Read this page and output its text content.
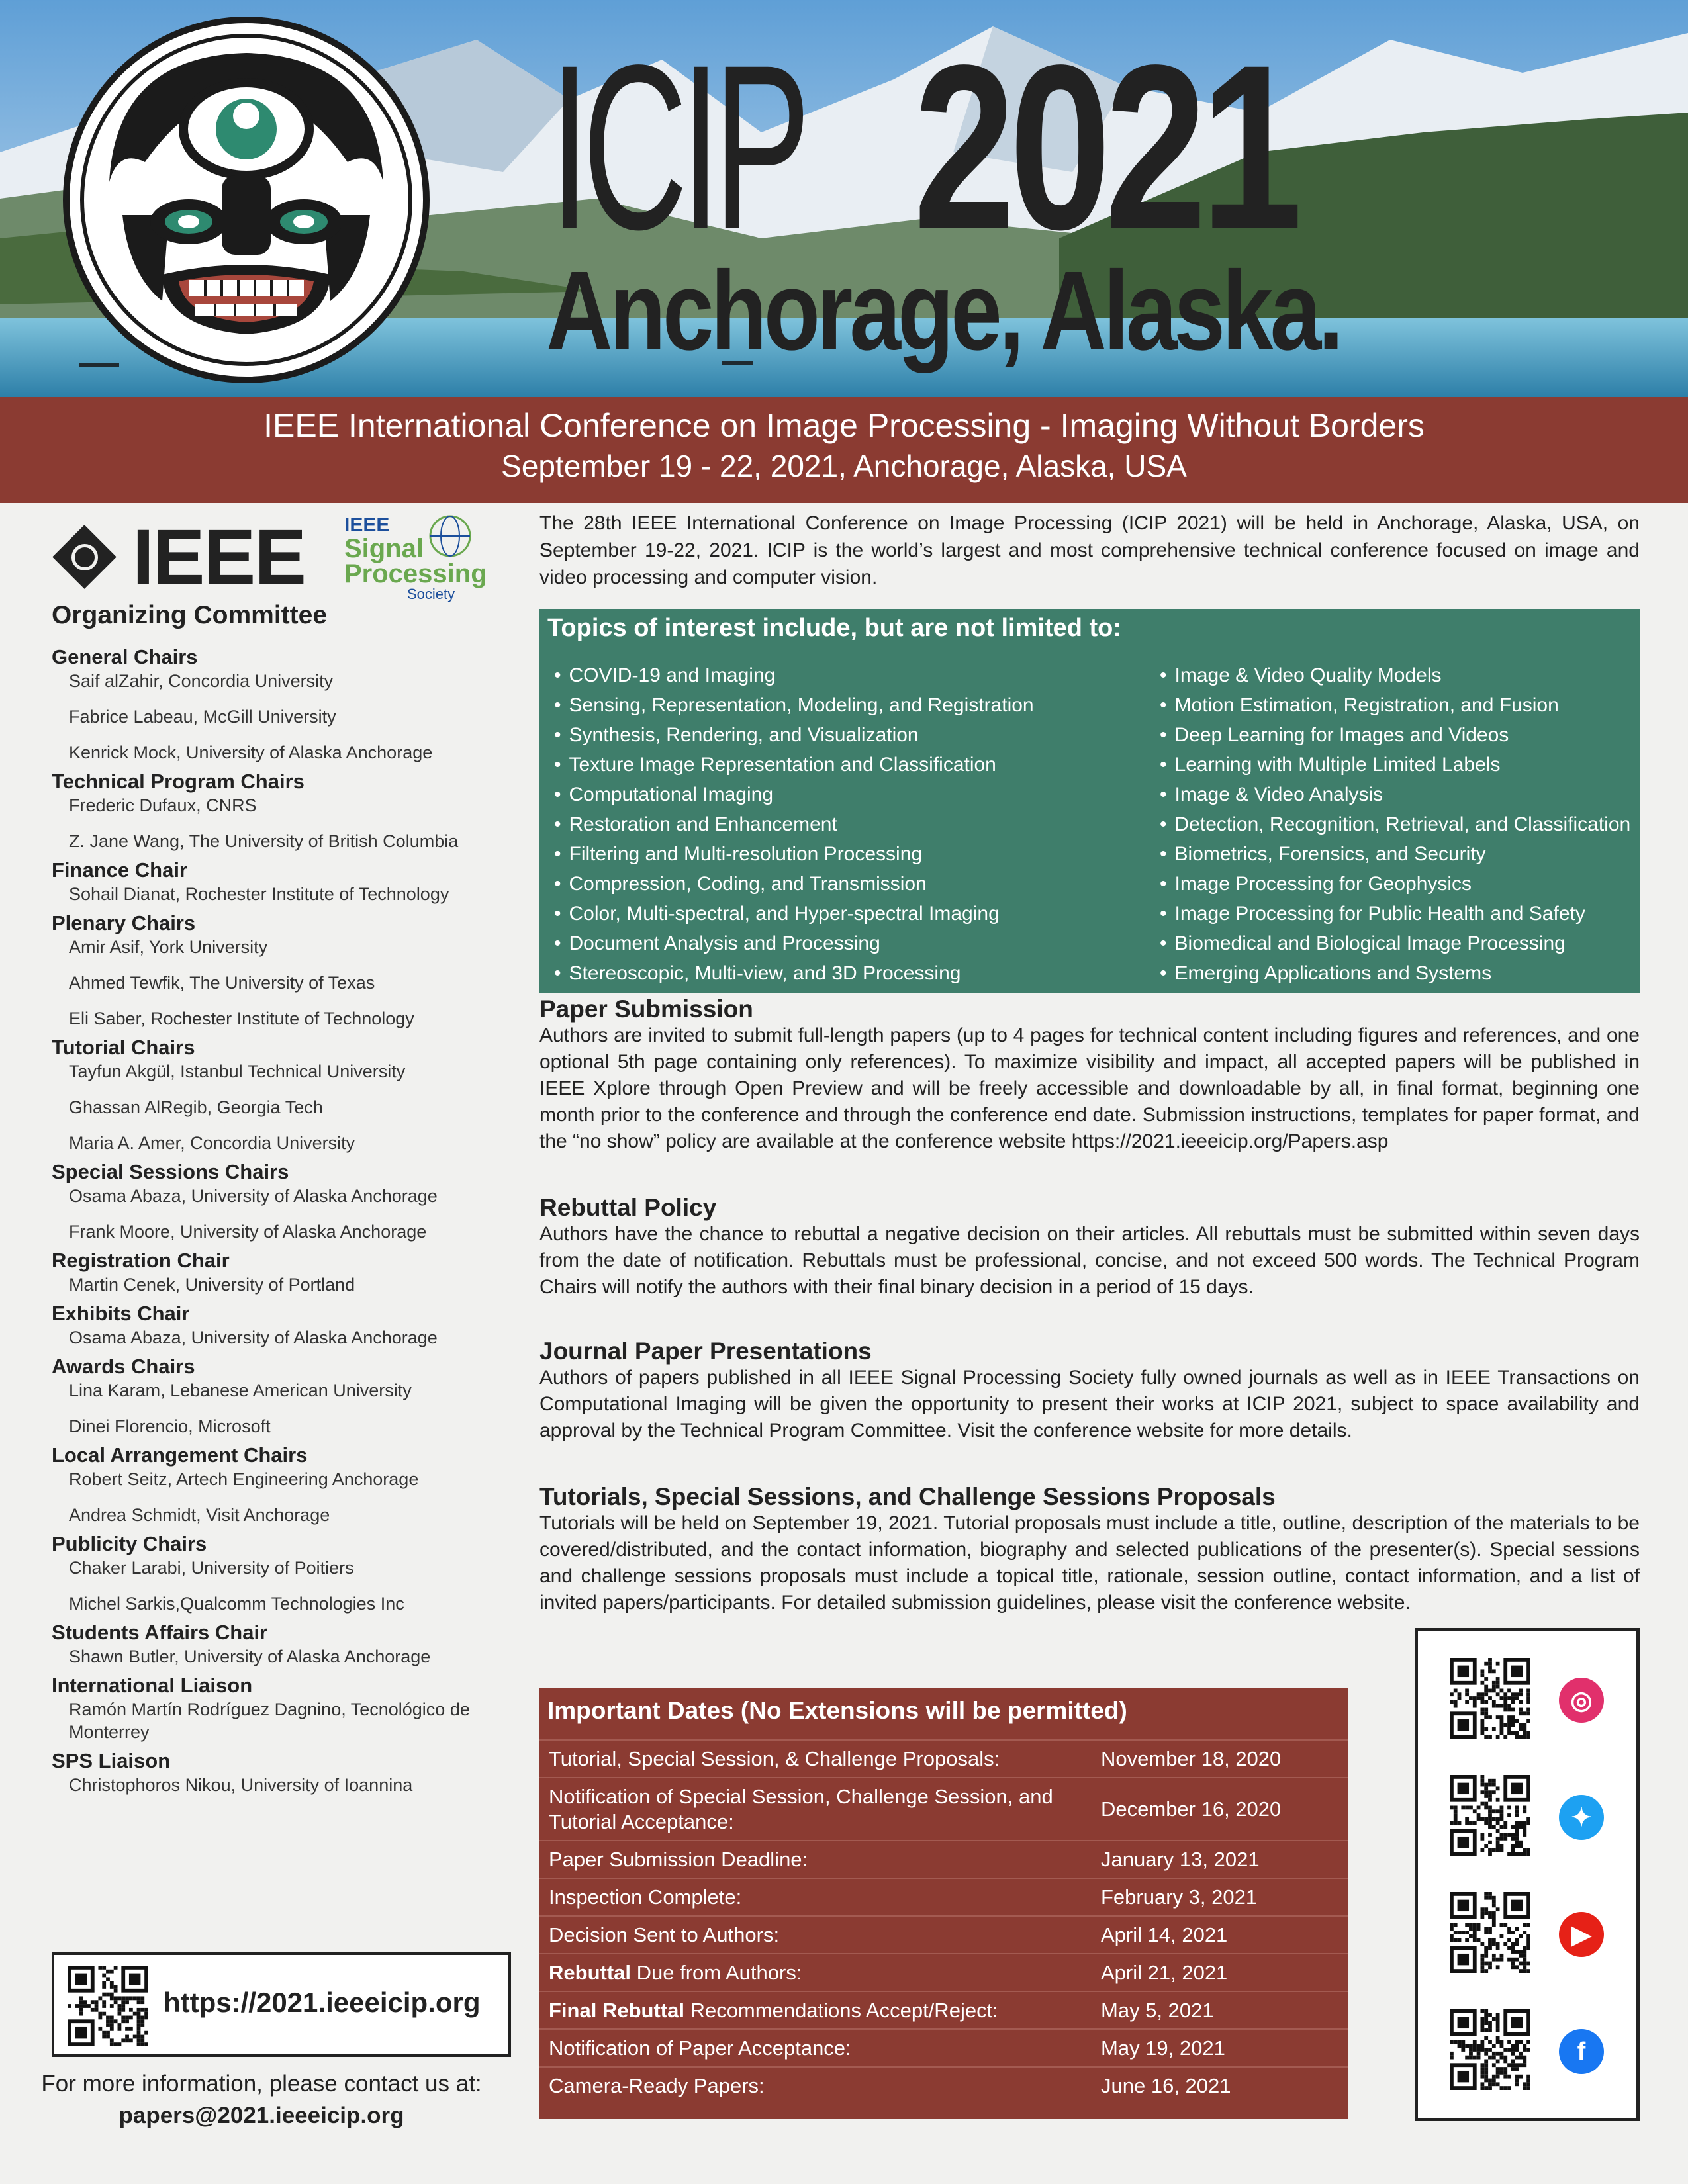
ICIP 2021
Anchorage, Alaska.
IEEE International Conference on Image Processing - Imaging Without Borders
September 19 - 22, 2021, Anchorage, Alaska, USA
IEEE IEEE
Signal
Processing
Society
Organizing Committee
General Chairs
Saif alZahir, Concordia University
Fabrice Labeau, McGill University
Kenrick Mock, University of Alaska Anchorage
Technical Program Chairs
Frederic Dufaux, CNRS
Z. Jane Wang, The University of British Columbia
Finance Chair
Sohail Dianat, Rochester Institute of Technology
Plenary Chairs
Amir Asif, York University
Ahmed Tewfik, The University of Texas
Eli Saber, Rochester Institute of Technology
Tutorial Chairs
Tayfun Akgül, Istanbul Technical University
Ghassan AlRegib, Georgia Tech
Maria A. Amer, Concordia University
Special Sessions Chairs
Osama Abaza, University of Alaska Anchorage
Frank Moore, University of Alaska Anchorage
Registration Chair
Martin Cenek, University of Portland
Exhibits Chair
Osama Abaza, University of Alaska Anchorage
Awards Chairs
Lina Karam, Lebanese American University
Dinei Florencio, Microsoft
Local Arrangement Chairs
Robert Seitz, Artech Engineering Anchorage
Andrea Schmidt, Visit Anchorage
Publicity Chairs
Chaker Larabi, University of Poitiers
Michel Sarkis,Qualcomm Technologies Inc
Students Affairs Chair
Shawn Butler, University of Alaska Anchorage
International Liaison
Ramón Martín Rodríguez Dagnino, Tecnológico de Monterrey
SPS Liaison
Christophoros Nikou, University of Ioannina
https://2021.ieeeicip.org
For more information, please contact us at:
papers@2021.ieeeicip.org

The 28th IEEE International Conference on Image Processing (ICIP 2021) will be held in Anchorage, Alaska, USA, on September 19-22, 2021. ICIP is the world’s largest and most comprehensive technical conference focused on image and video processing and computer vision.

Topics of interest include, but are not limited to:
• COVID-19 and Imaging
• Sensing, Representation, Modeling, and Registration
• Synthesis, Rendering, and Visualization
• Texture Image Representation and Classification
• Computational Imaging
• Restoration and Enhancement
• Filtering and Multi-resolution Processing
• Compression, Coding, and Transmission
• Color, Multi-spectral, and Hyper-spectral Imaging
• Document Analysis and Processing
• Stereoscopic, Multi-view, and 3D Processing
• Image & Video Quality Models
• Motion Estimation, Registration, and Fusion
• Deep Learning for Images and Videos
• Learning with Multiple Limited Labels
• Image & Video Analysis
• Detection, Recognition, Retrieval, and Classification
• Biometrics, Forensics, and Security
• Image Processing for Geophysics
• Image Processing for Public Health and Safety
• Biomedical and Biological Image Processing
• Emerging Applications and Systems
Paper Submission

Authors are invited to submit full-length papers (up to 4 pages for technical content including figures and references, and one optional 5th page containing only references). To maximize visibility and impact, all accepted papers will be published in IEEE Xplore through Open Preview and will be freely accessible and downloadable by all, in final format, beginning one month prior to the conference and through the conference end date. Submission instructions, templates for paper format, and the “no show” policy are available at the conference website https://2021.ieeeicip.org/Papers.asp

Rebuttal Policy

Authors have the chance to rebuttal a negative decision on their articles. All rebuttals must be submitted within seven days from the date of notification. Rebuttals must be professional, concise, and not exceed 500 words. The Technical Program Chairs will notify the authors with their final binary decision in a period of 15 days.

Journal Paper Presentations

Authors of papers published in all IEEE Signal Processing Society fully owned journals as well as in IEEE Transactions on Computational Imaging will be given the opportunity to present their works at ICIP 2021, subject to space availability and approval by the Technical Program Committee. Visit the conference website for more details.

Tutorials, Special Sessions, and Challenge Sessions Proposals

Tutorials will be held on September 19, 2021. Tutorial proposals must include a title, outline, description of the materials to be covered/distributed, and the contact information, biography and selected publications of the presenter(s). Special sessions and challenge sessions proposals must include a topical title, rationale, session outline, contact information, and a list of invited papers/participants. For detailed submission guidelines, please visit the conference website.

Important Dates (No Extensions will be permitted)
Tutorial, Special Session, & Challenge Proposals:	November 18, 2020
Notification of Special Session, Challenge Session, and Tutorial Acceptance:	December 16, 2020
Paper Submission Deadline:	January 13, 2021
Inspection Complete:	February 3, 2021
Decision Sent to Authors:	April 14, 2021
Rebuttal Due from Authors:	April 21, 2021
Final Rebuttal Recommendations Accept/Reject:	May 5, 2021
Notification of Paper Acceptance:	May 19, 2021
Camera-Ready Papers:	June 16, 2021
◎
✦
▶
f
